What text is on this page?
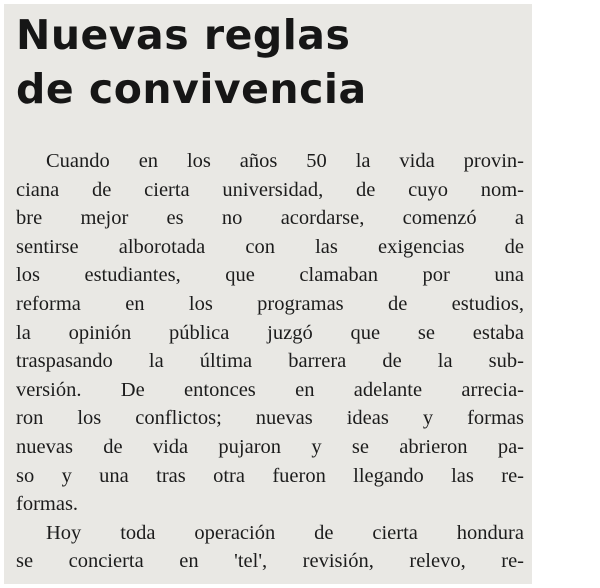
Nuevas reglas
de convivencia

Cuando en los años 50 la vida provin-
ciana de cierta universidad, de cuyo nom-
bre mejor es no acordarse, comenzó a
sentirse alborotada con las exigencias de
los estudiantes, que clamaban por una
reforma en los programas de estudios,
la opinión pública juzgó que se estaba
traspasando la última barrera de la sub-
versión. De entonces en adelante arrecia-
ron los conflictos; nuevas ideas y formas
nuevas de vida pujaron y se abrieron pa-
so y una tras otra fueron llegando las re-
formas.

Hoy toda operación de cierta hondura
se concierta en 'tel', revisión, relevo, re-
